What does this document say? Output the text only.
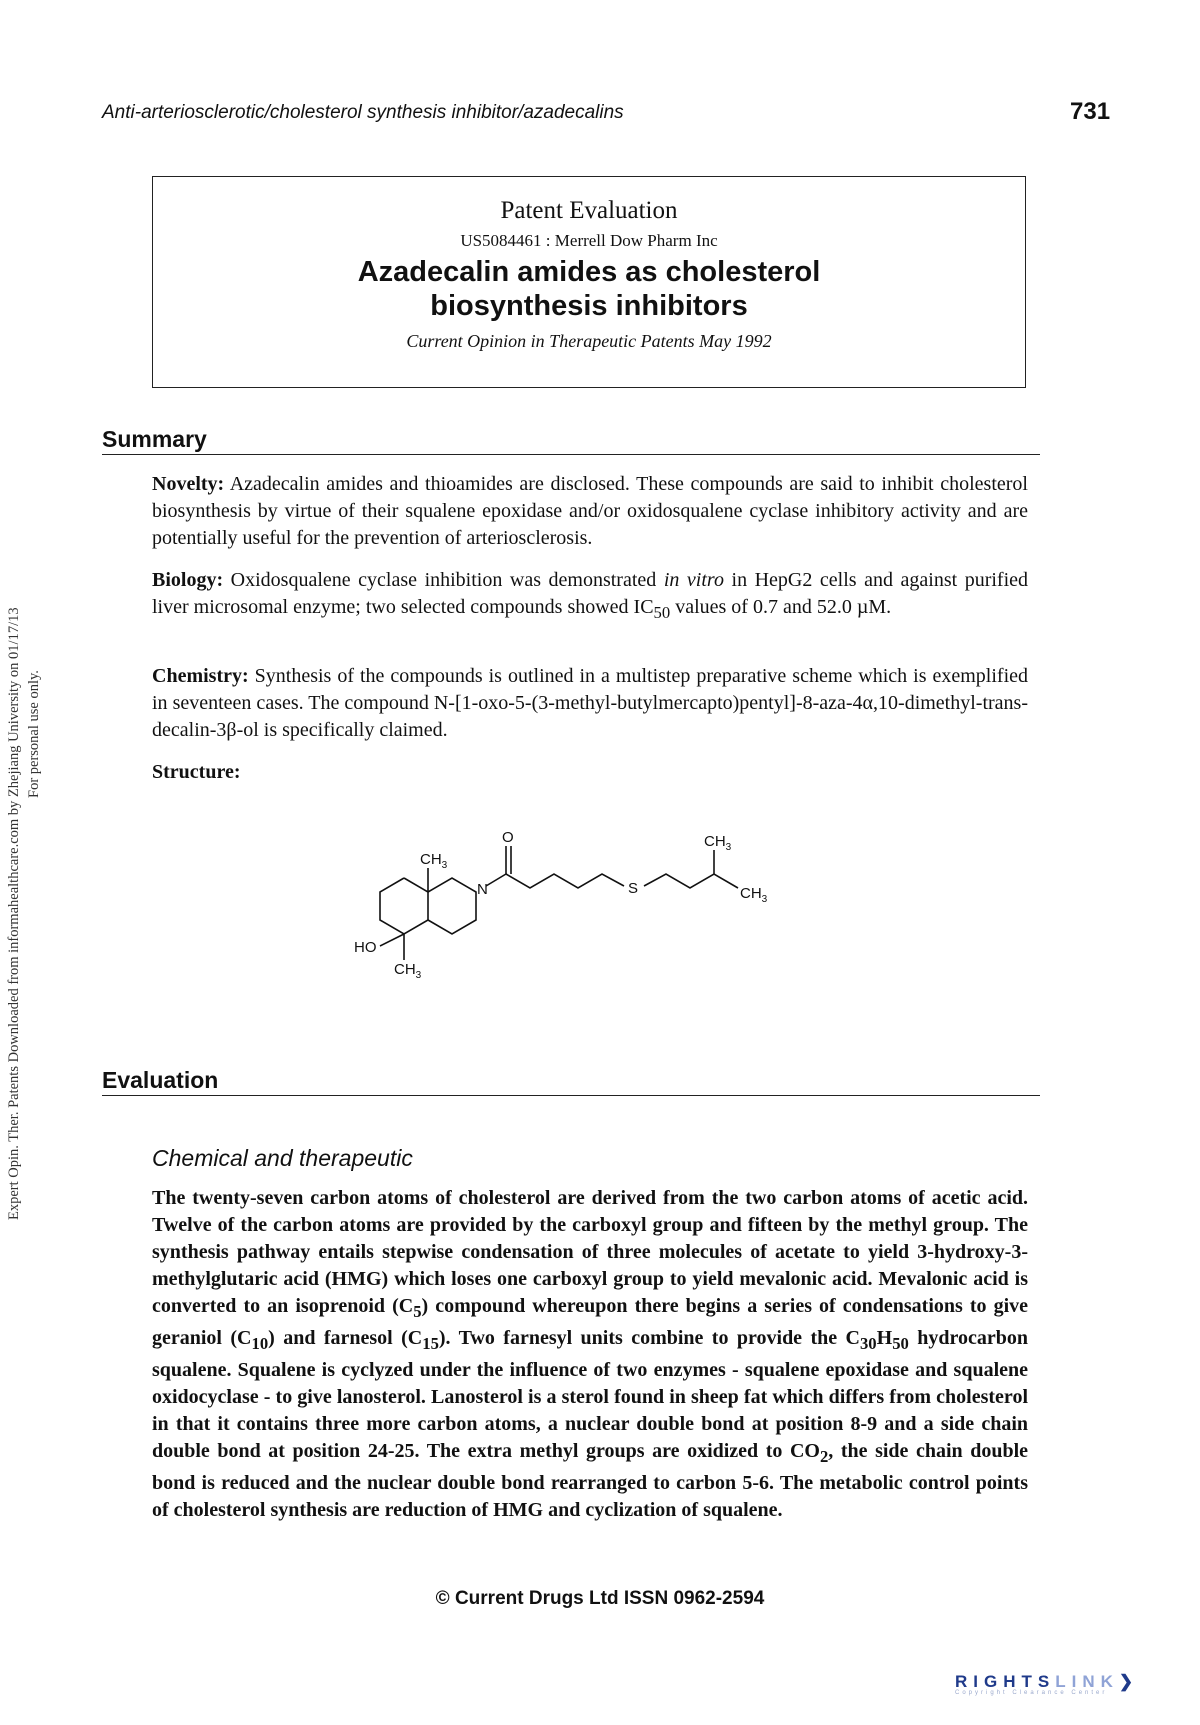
Expert Opin. Ther. Patents Downloaded from informahealthcare.com by Zhejiang University on 01/17/13 For personal use only.
Anti-arteriosclerotic/cholesterol synthesis inhibitor/azadecalins	731
Patent Evaluation
US5084461 : Merrell Dow Pharm Inc
Azadecalin amides as cholesterol
biosynthesis inhibitors
Current Opinion in Therapeutic Patents May 1992
Summary
Novelty: Azadecalin amides and thioamides are disclosed. These compounds are said to inhibit cholesterol biosynthesis by virtue of their squalene epoxidase and/or oxidosqualene cyclase inhibitory activity and are potentially useful for the prevention of arteriosclerosis.
Biology: Oxidosqualene cyclase inhibition was demonstrated in vitro in HepG2 cells and against purified liver microsomal enzyme; two selected compounds showed $IC_{50}$ values of 0.7 and 52.0 µM.
Chemistry: Synthesis of the compounds is outlined in a multistep preparative scheme which is exemplified in seventeen cases. The compound N-[1-oxo-5-(3-methyl-butylmercapto)pentyl]-8-aza-4α,10-dimethyl-trans-decalin-3β-ol is specifically claimed.
Structure:
$CH_3$
N
O
S
$CH_3$
$CH_3$
HO
$CH_3$
Evaluation
Chemical and therapeutic
The twenty-seven carbon atoms of cholesterol are derived from the two carbon atoms of acetic acid. Twelve of the carbon atoms are provided by the carboxyl group and fifteen by the methyl group. The synthesis pathway entails stepwise condensation of three molecules of acetate to yield 3-hydroxy-3-methylglutaric acid (HMG) which loses one carboxyl group to yield mevalonic acid. Mevalonic acid is converted to an isoprenoid $(C_5)$ compound whereupon there begins a series of condensations to give geraniol $(C_{10})$ and farnesol $(C_{15})$. Two farnesyl units combine to provide the $C_{30}H_{50}$ hydrocarbon squalene. Squalene is cyclyzed under the influence of two enzymes - squalene epoxidase and squalene oxidocyclase - to give lanosterol. Lanosterol is a sterol found in sheep fat which differs from cholesterol in that it contains three more carbon atoms, a nuclear double bond at position 8-9 and a side chain double bond at position 24-25. The extra methyl groups are oxidized to $CO_2$, the side chain double bond is reduced and the nuclear double bond rearranged to carbon 5-6. The metabolic control points of cholesterol synthesis are reduction of HMG and cyclization of squalene.
© Current Drugs Ltd ISSN 0962-2594
RIGHTSLINK❯
Copyright Clearance Center
